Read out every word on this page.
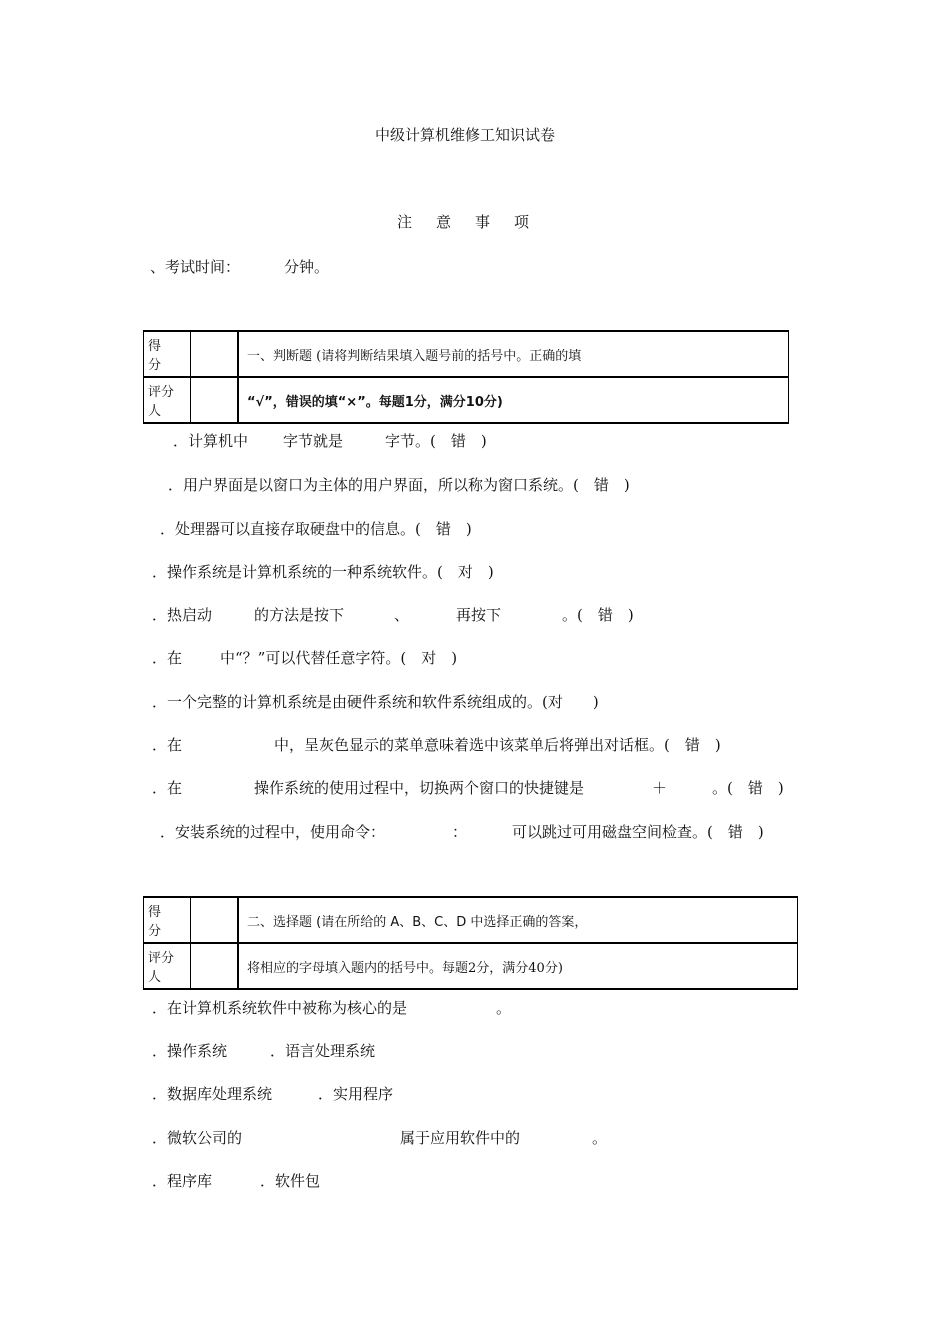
中级计算机维修工知识试卷
注意事项
、考试时间：	分钟。
得　分		一、判断题 (请将判断结果填入题号前的括号中。正确的填
评分人		“√”，错误的填“×”。每题1分，满分10分)
．计算机中 字节就是	字节。(　错　)
．用户界面是以窗口为主体的用户界面，所以称为窗口系统。(　错　)
．处理器可以直接存取硬盘中的信息。(　错　)
．操作系统是计算机系统的一种系统软件。(　对　)
．热启动	的方法是按下	、	再按下	。(　错　)
．在	中“？”可以代替任意字符。(　对　)
．一个完整的计算机系统是由硬件系统和软件系统组成的。(对　　)
．在	中，呈灰色显示的菜单意味着选中该菜单后将弹出对话框。(　错　)
．在	操作系统的使用过程中，切换两个窗口的快捷键是	＋	。(　错　)
．安装系统的过程中，使用命令：	：	可以跳过可用磁盘空间检查。(　错　)
得　分		二、选择题 (请在所给的 A、B、C、D 中选择正确的答案，
评分人		将相应的字母填入题内的括号中。每题2分，满分40分)
．在计算机系统软件中被称为核心的是	。
．操作系统	．语言处理系统
．数据库处理系统	．实用程序
．微软公司的	属于应用软件中的	。
．程序库	．软件包
